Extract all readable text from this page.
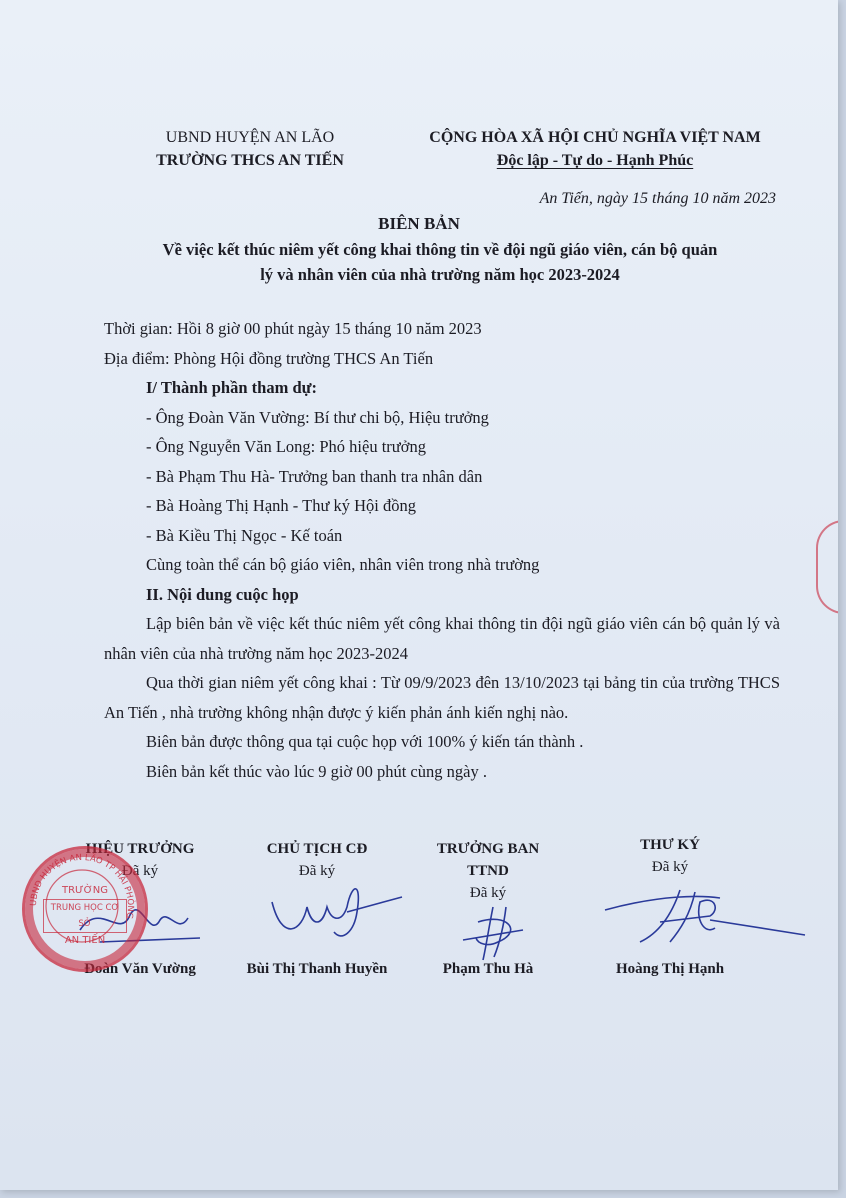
UBND HUYỆN AN LÃO
TRƯỜNG THCS AN TIẾN
CỘNG HÒA XÃ HỘI CHỦ NGHĨA VIỆT NAM
Độc lập - Tự do - Hạnh Phúc
An Tiến, ngày 15 tháng 10 năm 2023
BIÊN BẢN
Về việc kết thúc niêm yết công khai thông tin về đội ngũ giáo viên, cán bộ quản
lý và nhân viên của nhà trường năm học 2023-2024

Thời gian: Hồi 8 giờ 00 phút ngày 15 tháng 10 năm 2023

Địa điểm: Phòng Hội đồng trường THCS An Tiến

I/ Thành phần tham dự:

- Ông Đoàn Văn Vường: Bí thư chi bộ, Hiệu trưởng

- Ông Nguyễn Văn Long: Phó hiệu trưởng

- Bà Phạm Thu Hà- Trưởng ban thanh tra nhân dân

- Bà Hoàng Thị Hạnh - Thư ký Hội đồng

- Bà Kiều Thị Ngọc - Kế toán

Cùng toàn thể cán bộ giáo viên, nhân viên trong nhà trường

II. Nội dung cuộc họp

Lập biên bản về việc kết thúc niêm yết công khai thông tin đội ngũ giáo viên cán bộ quản lý và nhân viên của nhà trường năm học 2023-2024

Qua thời gian niêm yết công khai : Từ 09/9/2023 đên 13/10/2023 tại bảng tin của trường THCS An Tiến , nhà trường không nhận được ý kiến phản ánh kiến nghị nào.

Biên bản được thông qua tại cuộc họp với 100% ý kiến tán thành .

Biên bản kết thúc vào lúc 9 giờ 00 phút cùng ngày .

HIỆU TRƯỞNG
Đã ký
Đoàn Văn Vường
CHỦ TỊCH CĐ
Đã ký
Bùi Thị Thanh Huyền
TRƯỞNG BAN
TTND
Đã ký
Phạm Thu Hà
THƯ KÝ
Đã ký
Hoàng Thị Hạnh
UBND HUYỆN AN LÃO TP HẢI PHÒNG
TRƯỜNG
TRUNG HỌC CƠ SỞ
AN TIẾN
